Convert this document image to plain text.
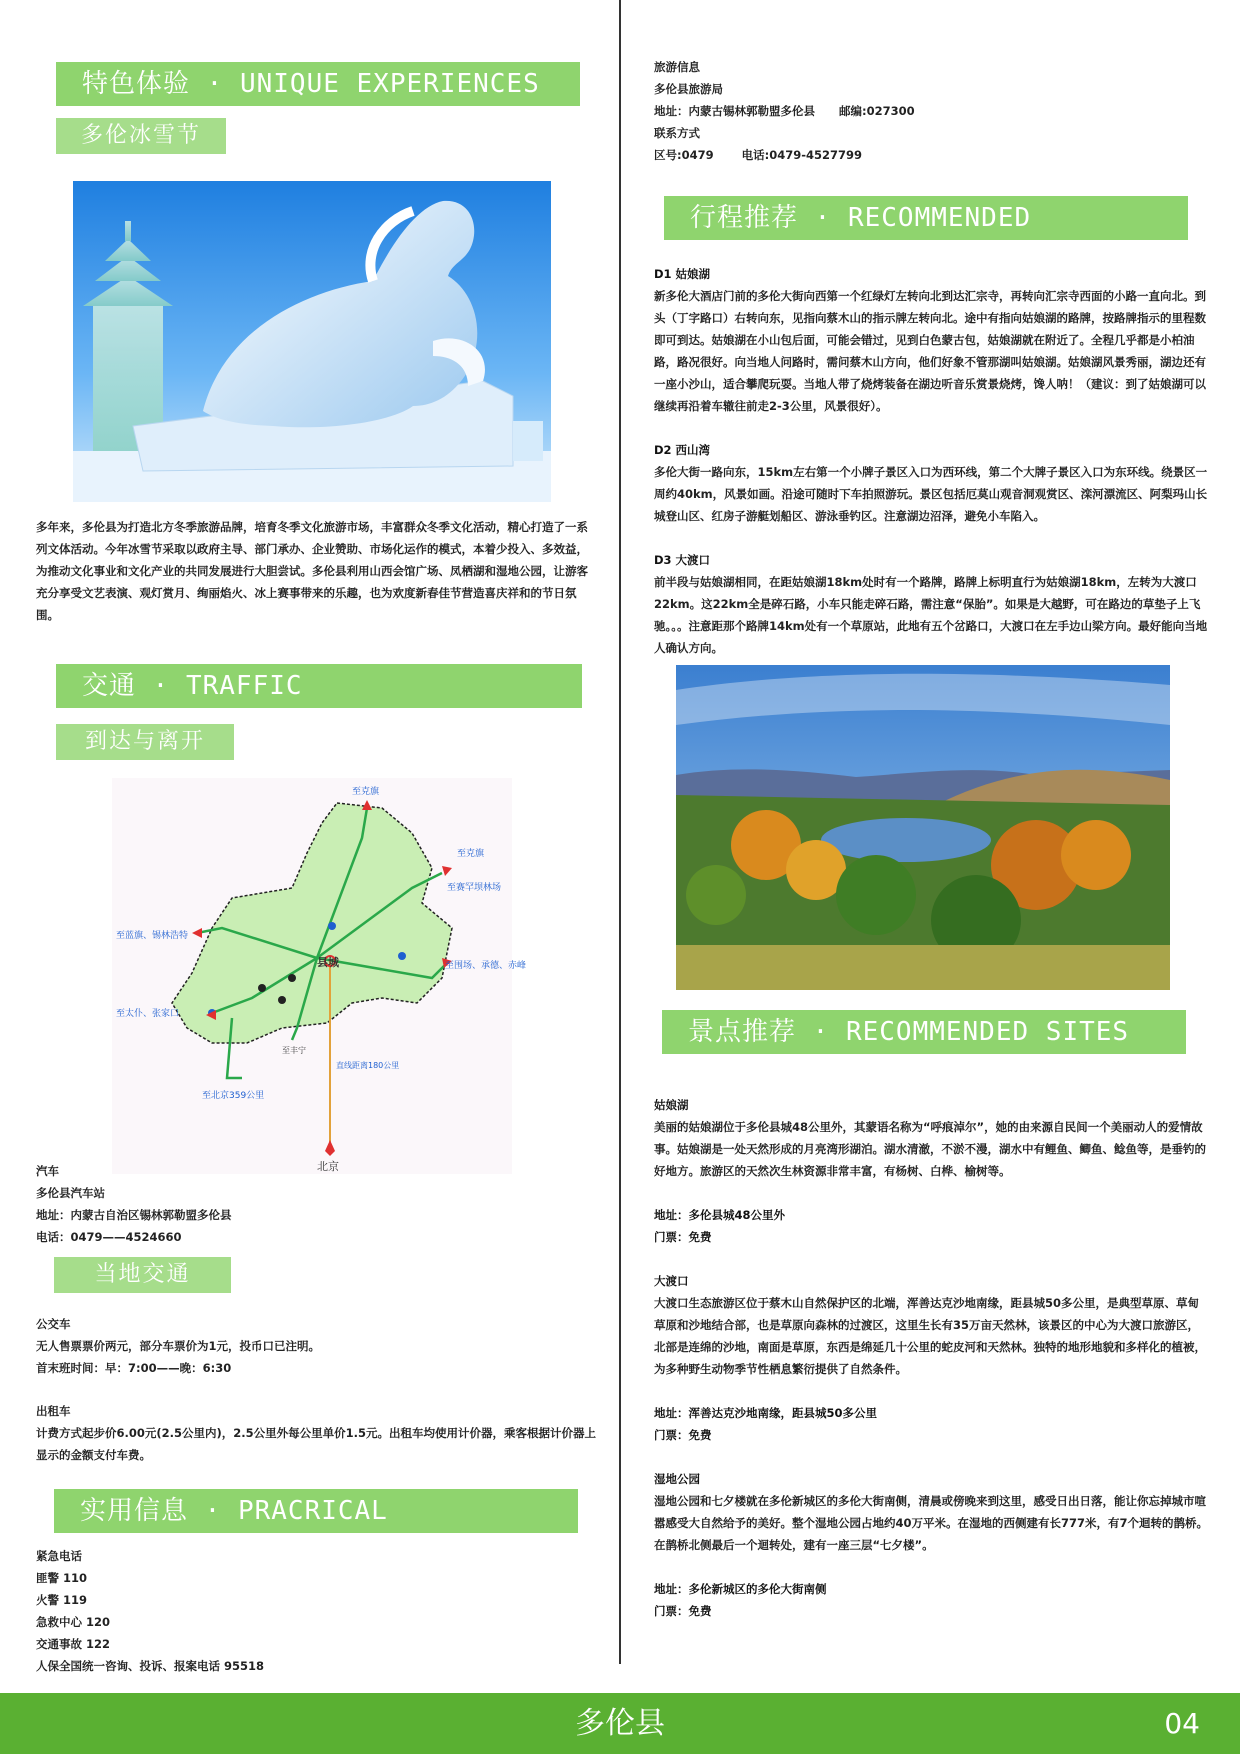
特色体验 · UNIQUE EXPERIENCES
多伦冰雪节
多年来，多伦县为打造北方冬季旅游品牌，培育冬季文化旅游市场，丰富群众冬季文化活动，精心打造了一系列文体活动。今年冰雪节采取以政府主导、部门承办、企业赞助、市场化运作的模式，本着少投入、多效益，为推动文化事业和文化产业的共同发展进行大胆尝试。多伦县利用山西会馆广场、凤栖湖和湿地公园，让游客充分享受文艺表演、观灯赏月、绚丽焰火、冰上赛事带来的乐趣，也为欢度新春佳节营造喜庆祥和的节日氛围。
交通 · TRAFFIC
到达与离开
县城
至克旗
至克旗
至赛罕坝林场
至围场、承德、赤峰
至蓝旗、锡林浩特
至太仆、张家口
至丰宁
至北京359公里
直线距离180公里
北京
汽车
多伦县汽车站
地址：内蒙古自治区锡林郭勒盟多伦县
电话：0479——4524660
当地交通
公交车
无人售票票价两元，部分车票价为1元，投币口已注明。
首末班时间：早：7:00——晚：6:30
出租车
计费方式起步价6.00元(2.5公里内)，2.5公里外每公里单价1.5元。出租车均使用计价器，乘客根据计价器上显示的金额支付车费。
实用信息 · PRACRICAL INFORMATION
紧急电话
匪警 110
火警 119
急救中心 120
交通事故 122
人保全国统一咨询、投诉、报案电话 95518
旅游信息
多伦县旅游局
地址：内蒙古锡林郭勒盟多伦县      邮编:027300
联系方式
区号:0479       电话:0479-4527799
行程推荐 · RECOMMENDED ITINERARY
D1 姑娘湖
新多伦大酒店门前的多伦大街向西第一个红绿灯左转向北到达汇宗寺，再转向汇宗寺西面的小路一直向北。到头（丁字路口）右转向东，见指向蔡木山的指示牌左转向北。途中有指向姑娘湖的路牌，按路牌指示的里程数即可到达。姑娘湖在小山包后面，可能会错过，见到白色蒙古包，姑娘湖就在附近了。全程几乎都是小柏油路，路况很好。向当地人问路时，需问蔡木山方向，他们好象不管那湖叫姑娘湖。姑娘湖风景秀丽，湖边还有一座小沙山，适合攀爬玩耍。当地人带了烧烤装备在湖边听音乐赏景烧烤，馋人呐！（建议：到了姑娘湖可以继续再沿着车辙往前走2-3公里，风景很好）。
D2 西山湾
多伦大街一路向东，15km左右第一个小牌子景区入口为西环线，第二个大牌子景区入口为东环线。绕景区一周约40km，风景如画。沿途可随时下车拍照游玩。景区包括厄莫山观音洞观赏区、滦河漂流区、阿梨玛山长城登山区、红房子游艇划船区、游泳垂钓区。注意湖边沼泽，避免小车陷入。
D3 大渡口
前半段与姑娘湖相同，在距姑娘湖18km处时有一个路牌，路牌上标明直行为姑娘湖18km，左转为大渡口22km。这22km全是碎石路，小车只能走碎石路，需注意“保胎”。如果是大越野，可在路边的草垫子上飞驰。。。注意距那个路牌14km处有一个草原站，此地有五个岔路口，大渡口在左手边山梁方向。最好能向当地人确认方向。
景点推荐 · RECOMMENDED SITES
姑娘湖
美丽的姑娘湖位于多伦县城48公里外，其蒙语名称为“呼痕淖尔”，她的由来源自民间一个美丽动人的爱情故事。姑娘湖是一处天然形成的月亮湾形湖泊。湖水清澈，不淤不漫，湖水中有鲤鱼、鲫鱼、鲶鱼等，是垂钓的好地方。旅游区的天然次生林资源非常丰富，有杨树、白桦、榆树等。
地址：多伦县城48公里外
门票：免费
大渡口
大渡口生态旅游区位于蔡木山自然保护区的北端，浑善达克沙地南缘，距县城50多公里，是典型草原、草甸草原和沙地结合部，也是草原向森林的过渡区，这里生长有35万亩天然林，该景区的中心为大渡口旅游区，北部是连绵的沙地，南面是草原，东西是绵延几十公里的蛇皮河和天然林。独特的地形地貌和多样化的植被，为多种野生动物季节性栖息繁衍提供了自然条件。
地址：浑善达克沙地南缘，距县城50多公里
门票：免费
湿地公园
湿地公园和七夕楼就在多伦新城区的多伦大街南侧，清晨或傍晚来到这里，感受日出日落，能让你忘掉城市喧嚣感受大自然给予的美好。整个湿地公园占地约40万平米。在湿地的西侧建有长777米，有7个迴转的鹊桥。在鹊桥北侧最后一个迴转处，建有一座三层“七夕楼”。
地址：多伦新城区的多伦大街南侧
门票：免费
多伦县	04
